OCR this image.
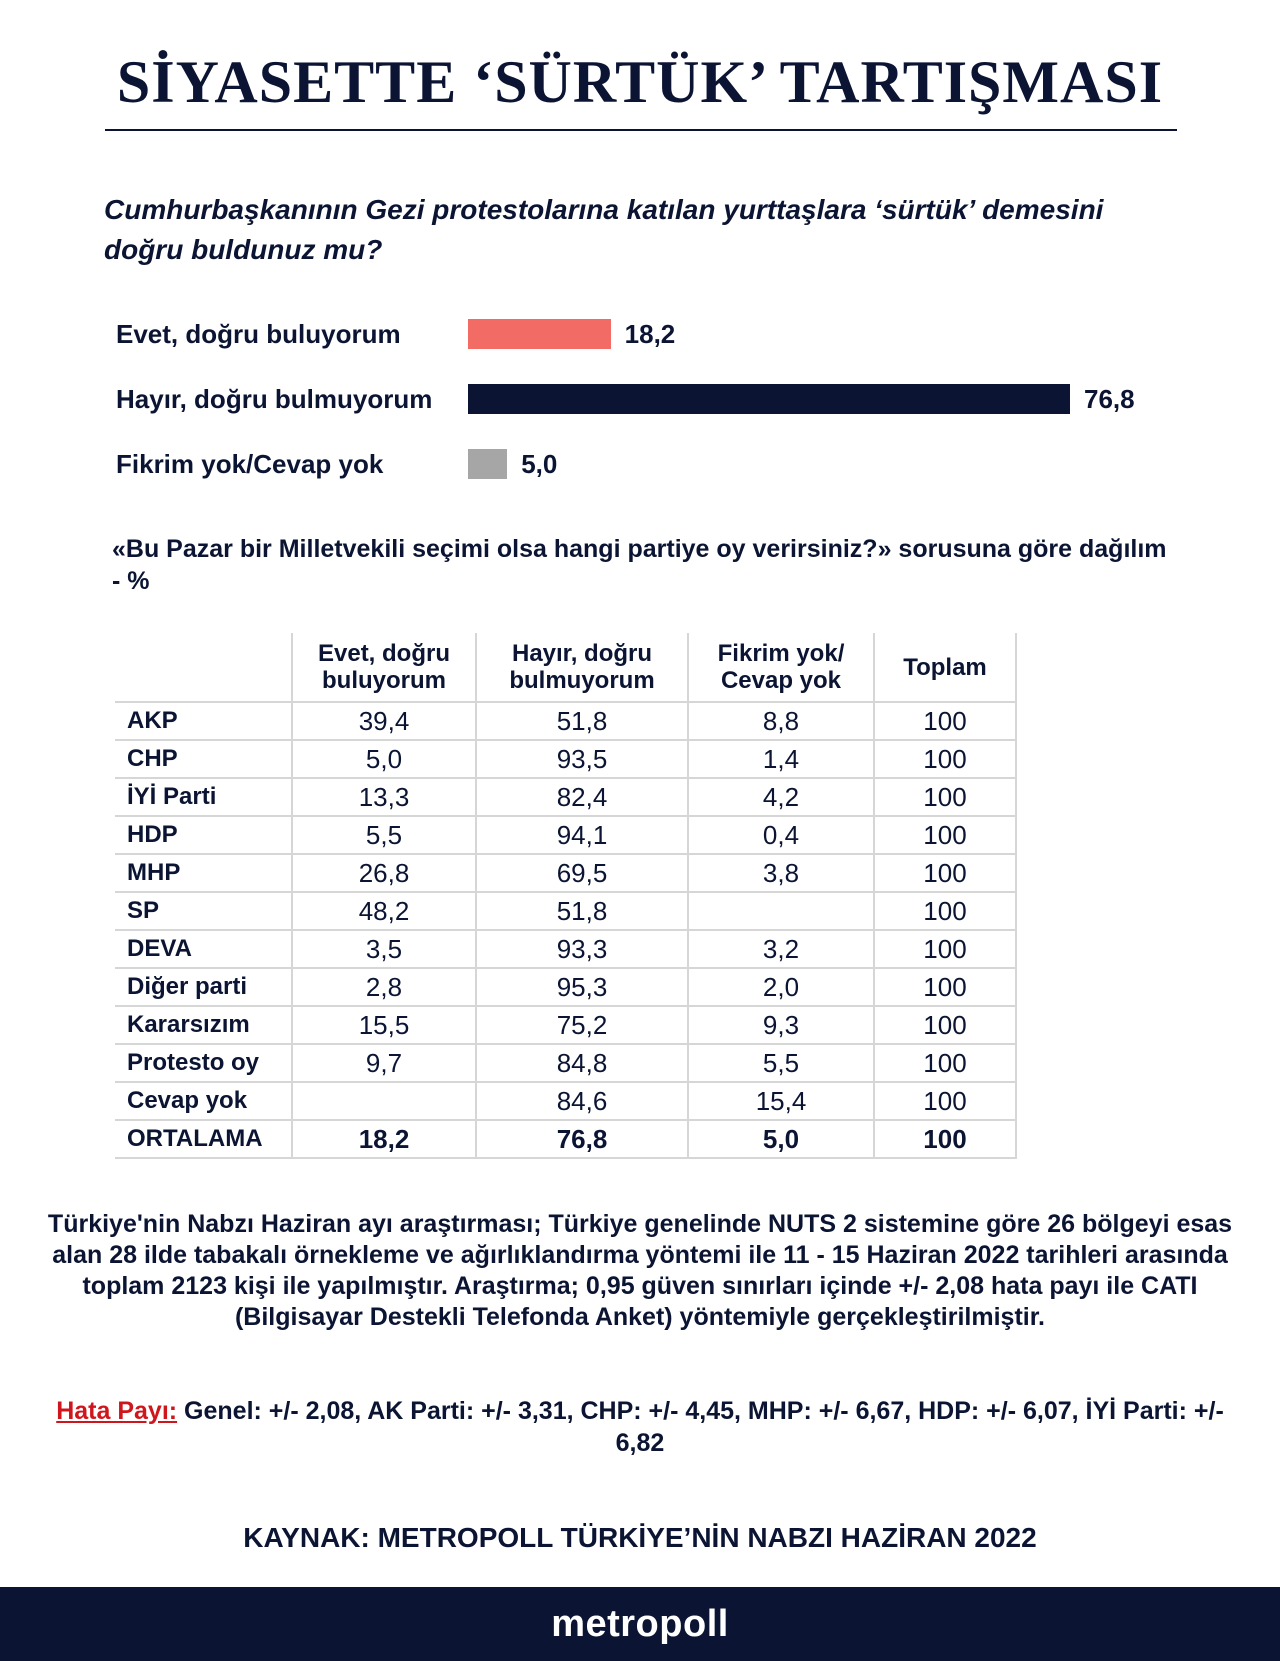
SİYASETTE ‘SÜRTÜK’ TARTIŞMASI
Cumhurbaşkanının Gezi protestolarına katılan yurttaşlara ‘sürtük’ demesini doğru buldunuz mu?
Evet, doğru buluyorum	18,2
Hayır, doğru bulmuyorum	76,8
Fikrim yok/Cevap yok	5,0
«Bu Pazar bir Milletvekili seçimi olsa hangi partiye oy verirsiniz?» sorusuna göre dağılım - %
	Evet, doğru buluyorum	Hayır, doğru bulmuyorum	Fikrim yok/ Cevap yok	Toplam
AKP	39,4	51,8	8,8	100
CHP	5,0	93,5	1,4	100
İYİ Parti	13,3	82,4	4,2	100
HDP	5,5	94,1	0,4	100
MHP	26,8	69,5	3,8	100
SP	48,2	51,8		100
DEVA	3,5	93,3	3,2	100
Diğer parti	2,8	95,3	2,0	100
Kararsızım	15,5	75,2	9,3	100
Protesto oy	9,7	84,8	5,5	100
Cevap yok		84,6	15,4	100
ORTALAMA	18,2	76,8	5,0	100
Türkiye'nin Nabzı Haziran ayı araştırması; Türkiye genelinde NUTS 2 sistemine göre 26 bölgeyi esas alan 28 ilde tabakalı örnekleme ve ağırlıklandırma yöntemi ile 11 - 15 Haziran 2022 tarihleri arasında toplam 2123 kişi ile yapılmıştır. Araştırma; 0,95 güven sınırları içinde +/- 2,08 hata payı ile CATI (Bilgisayar Destekli Telefonda Anket) yöntemiyle gerçekleştirilmiştir.
Hata Payı: Genel: +/- 2,08, AK Parti: +/- 3,31, CHP: +/- 4,45, MHP: +/- 6,67, HDP: +/- 6,07, İYİ Parti: +/- 6,82
KAYNAK: METROPOLL TÜRKİYE’NİN NABZI HAZİRAN 2022
metropoll
